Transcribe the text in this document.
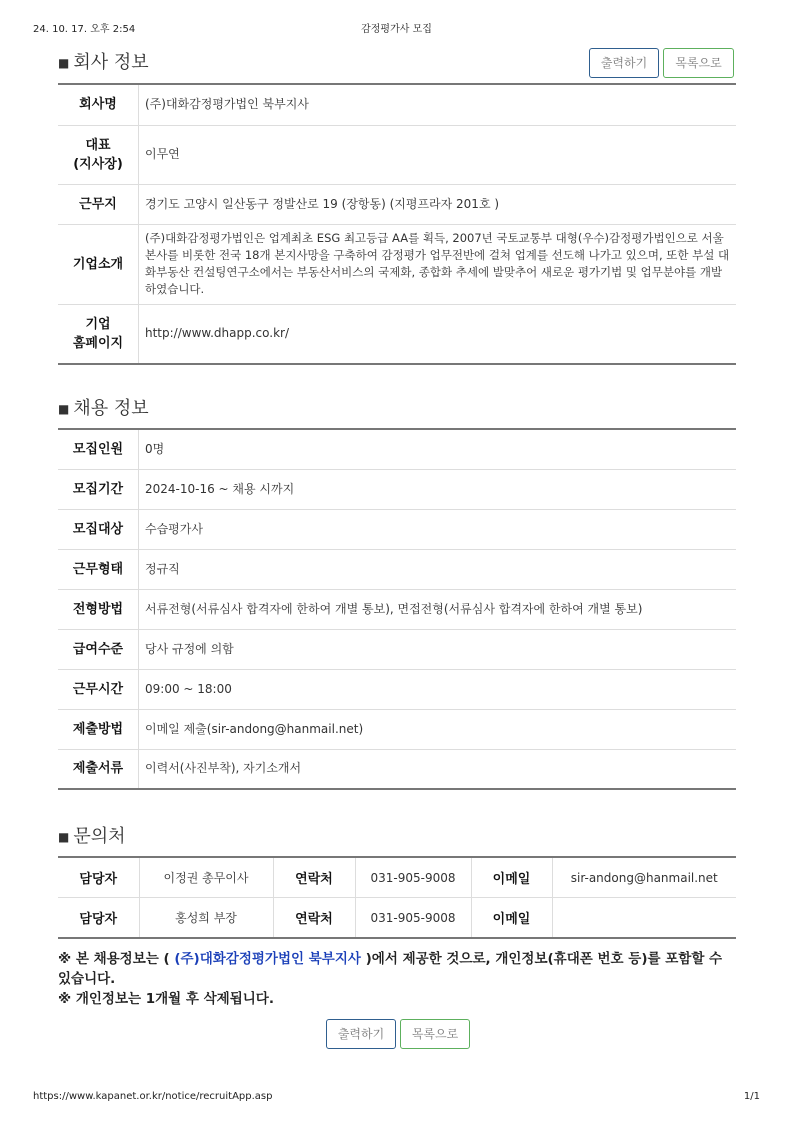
24. 10. 17. 오후 2:54	감정평가사 모집
■ 회사 정보	출력하기	목록으로
회사명	(주)대화감정평가법인 북부지사
대표
(지사장)	이무연
근무지	경기도 고양시 일산동구 정발산로 19 (장항동) (지평프라자 201호 )
기업소개	(주)대화감정평가법인은 업계최초 ESG 최고등급 AA를 획득, 2007년 국토교통부 대형(우수)감정평가법인으로 서울 본사를 비롯한 전국 18개 본지사망을 구축하여 감정평가 업무전반에 걸쳐 업계를 선도해 나가고 있으며, 또한 부설 대화부동산 컨설팅연구소에서는 부동산서비스의 국제화, 종합화 추세에 발맞추어 새로운 평가기법 및 업무분야를 개발하였습니다.
기업
홈페이지	http://www.dhapp.co.kr/
■ 채용 정보
모집인원	0명
모집기간	2024-10-16 ~ 채용 시까지
모집대상	수습평가사
근무형태	정규직
전형방법	서류전형(서류심사 합격자에 한하여 개별 통보), 면접전형(서류심사 합격자에 한하여 개별 통보)
급여수준	당사 규정에 의함
근무시간	09:00 ~ 18:00
제출방법	이메일 제출(sir-andong@hanmail.net)
제출서류	이력서(사진부착), 자기소개서
■ 문의처
담당자	이정권 총무이사	연락처	031-905-9008	이메일	sir-andong@hanmail.net
담당자	홍성희 부장	연락처	031-905-9008	이메일	

※ 본 채용정보는 ( (주)대화감정평가법인 북부지사 )에서 제공한 것으로, 개인정보(휴대폰 번호 등)를 포함할 수 있습니다.

※ 개인정보는 1개월 후 삭제됩니다.

출력하기	목록으로
https://www.kapanet.or.kr/notice/recruitApp.asp	1/1
